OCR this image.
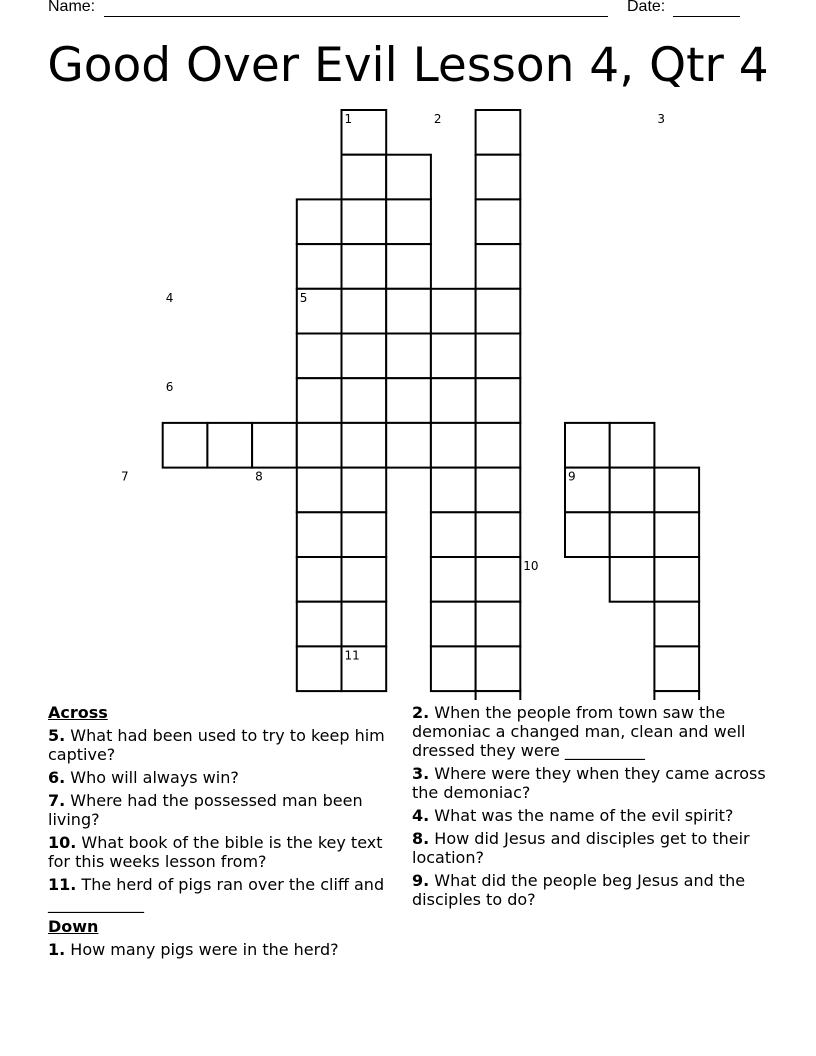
Name:	Date:
Good Over Evil Lesson 4, Qtr 4
1	2	3
4	5
6
7	8	9
10
11
Across
5. What had been used to try to keep him captive?
6. Who will always win?
7. Where had the possessed man been living?
10. What book of the bible is the key text for this weeks lesson from?
11. The herd of pigs ran over the cliff and ____________
Down
1. How many pigs were in the herd?
2. When the people from town saw the demoniac a changed man, clean and well dressed they were __________
3. Where were they when they came across the demoniac?
4. What was the name of the evil spirit?
8. How did Jesus and disciples get to their location?
9. What did the people beg Jesus and the disciples to do?
